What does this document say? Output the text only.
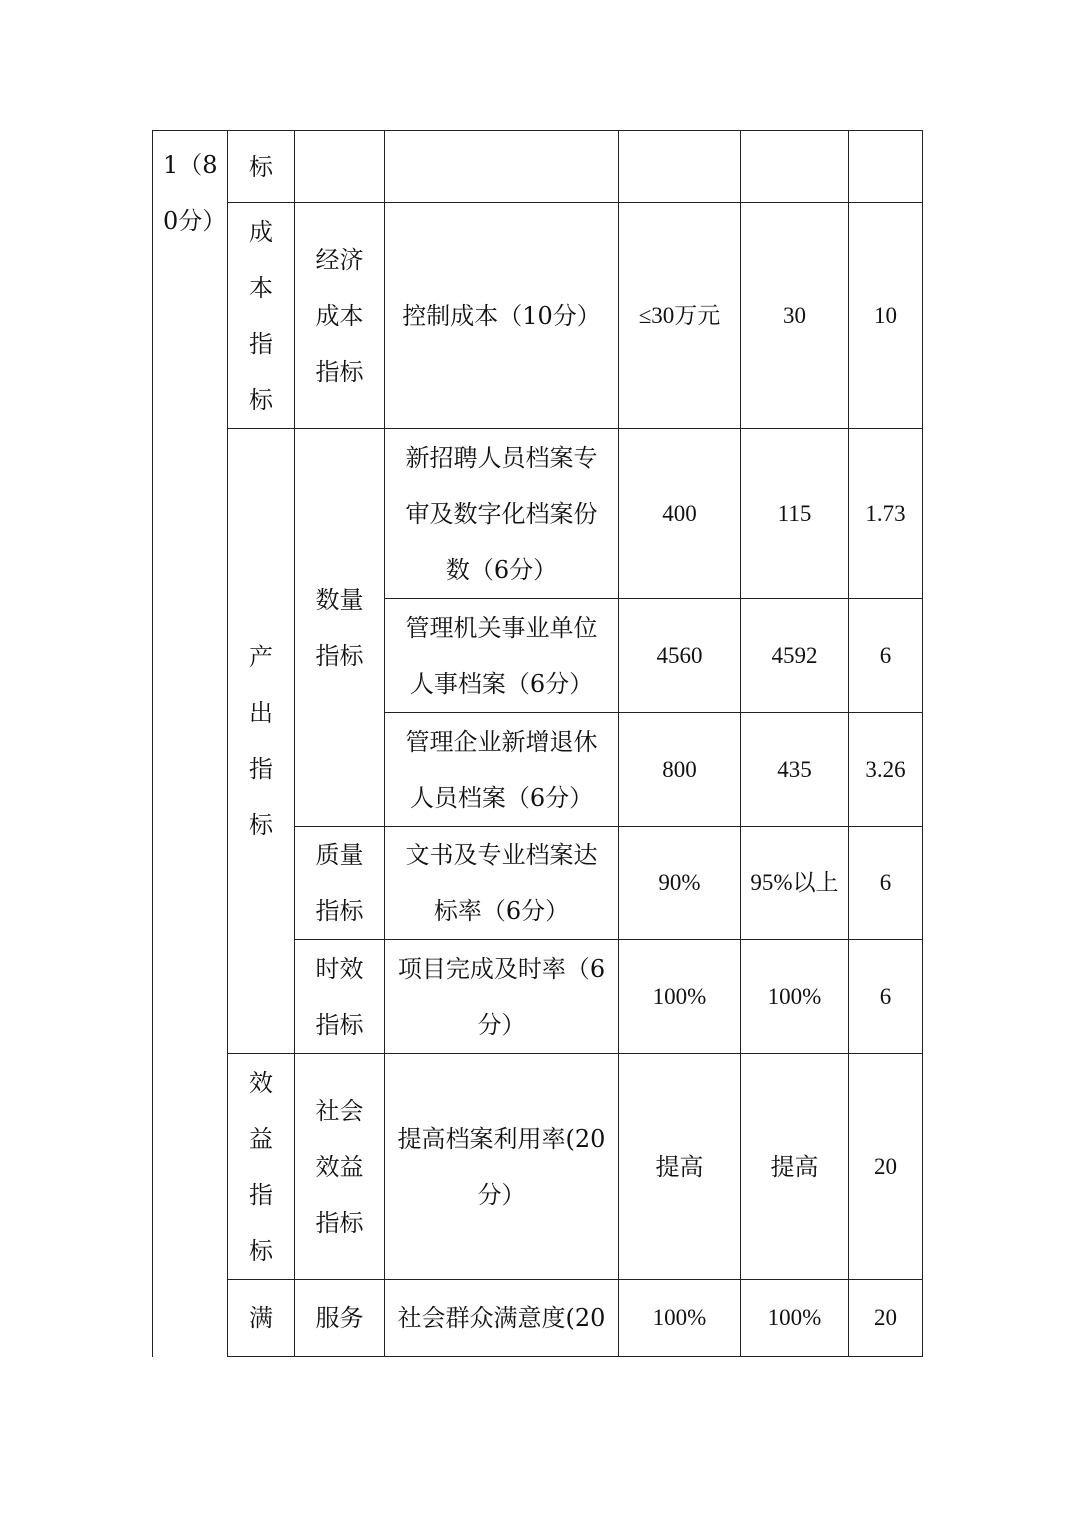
1（80分）	标					
	成本指标	经济成本指标	控制成本（10分）	≤30万元	30	10
	产出指标	数量指标	新招聘人员档案专审及数字化档案份数（6分）	400	115	1.73
			管理机关事业单位人事档案（6分）	4560	4592	6
			管理企业新增退休人员档案（6分）	800	435	3.26
		质量指标	文书及专业档案达标率（6分）	90%	95%以上	6
		时效指标	项目完成及时率（6分）	100%	100%	6
	效益指标	社会效益指标	提高档案利用率(20分）	提高	提高	20
	满	服务	社会群众满意度(20	100%	100%	20
